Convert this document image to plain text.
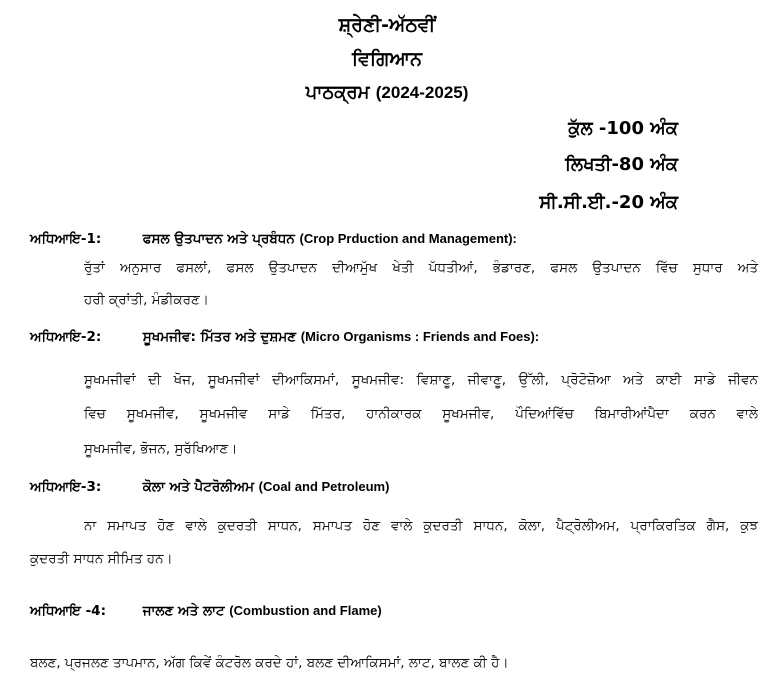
ਸ਼੍ਰੇਣੀ-ਅੱਠਵੀਂ
ਵਿਗਿਆਨ
ਪਾਠਕ੍ਰਮ (2024-2025)
ਕੁੱਲ -100 ਅੰਕ
ਲਿਖਤੀ-80 ਅੰਕ
ਸੀ.ਸੀ.ਈ.-20 ਅੰਕ
ਅਧਿਆਇ-1:	ਫਸਲ ਉਤਪਾਦਨ ਅਤੇ ਪ੍ਰਬੰਧਨ (Crop Prduction and Management):
ਰੁੱਤਾਂ ਅਨੁਸਾਰ ਫਸਲਾਂ, ਫਸਲ ਉਤਪਾਦਨ ਦੀਆਮੁੱਖ ਖੇਤੀ ਪੱਧਤੀਆਂ, ਭੰਡਾਰਣ, ਫਸਲ ਉਤਪਾਦਨ ਵਿੱਚ ਸੁਧਾਰ ਅਤੇ
ਹਰੀ ਕ੍ਰਾਂਤੀ, ਮੰਡੀਕਰਣ।
ਅਧਿਆਇ-2:	ਸੂਖਮਜੀਵ: ਮਿੱਤਰ ਅਤੇ ਦੁਸ਼ਮਣ (Micro Organisms : Friends and Foes):
ਸੂਖਮਜੀਵਾਂ ਦੀ ਖੋਜ, ਸੂਖਮਜੀਵਾਂ ਦੀਆਕਿਸਮਾਂ, ਸੂਖਮਜੀਵ: ਵਿਸ਼ਾਣੂ, ਜੀਵਾਣੂ, ਉੱਲੀ, ਪ੍ਰੋਟੋਜ਼ੋਆ ਅਤੇ ਕਾਈ ਸਾਡੇ ਜੀਵਨ
ਵਿਚ ਸੂਖਮਜੀਵ, ਸੂਖਮਜੀਵ ਸਾਡੇ ਮਿੱਤਰ, ਹਾਨੀਕਾਰਕ ਸੂਖਮਜੀਵ, ਪੌਦਿਆਂਵਿੱਚ ਬਿਮਾਰੀਆਂਪੈਦਾ ਕਰਨ ਵਾਲੇ
ਸੂਖਮਜੀਵ, ਭੋਜਨ, ਸੁਰੱਖਿਆਣ।
ਅਧਿਆਇ-3:	ਕੋਲਾ ਅਤੇ ਪੈਟਰੋਲੀਅਮ (Coal and Petroleum)
ਨਾ ਸਮਾਪਤ ਹੋਣ ਵਾਲੇ ਕੁਦਰਤੀ ਸਾਧਨ, ਸਮਾਪਤ ਹੋਣ ਵਾਲੇ ਕੁਦਰਤੀ ਸਾਧਨ, ਕੋਲਾ, ਪੈਟ੍ਰੋਲੀਅਮ, ਪ੍ਰਾਕਿਰਤਿਕ ਗੈਸ, ਕੁਝ
ਕੁਦਰਤੀ ਸਾਧਨ ਸੀਮਿਤ ਹਨ।
ਅਧਿਆਇ -4:	ਜਾਲਣ ਅਤੇ ਲਾਟ (Combustion and Flame)
ਬਲਣ, ਪ੍ਰਜਲਣ ਤਾਪਮਾਨ, ਅੱਗ ਕਿਵੇਂ ਕੰਟਰੋਲ ਕਰਦੇ ਹਾਂ, ਬਲਣ ਦੀਆਕਿਸਮਾਂ, ਲਾਟ, ਬਾਲਣ ਕੀ ਹੈ।
